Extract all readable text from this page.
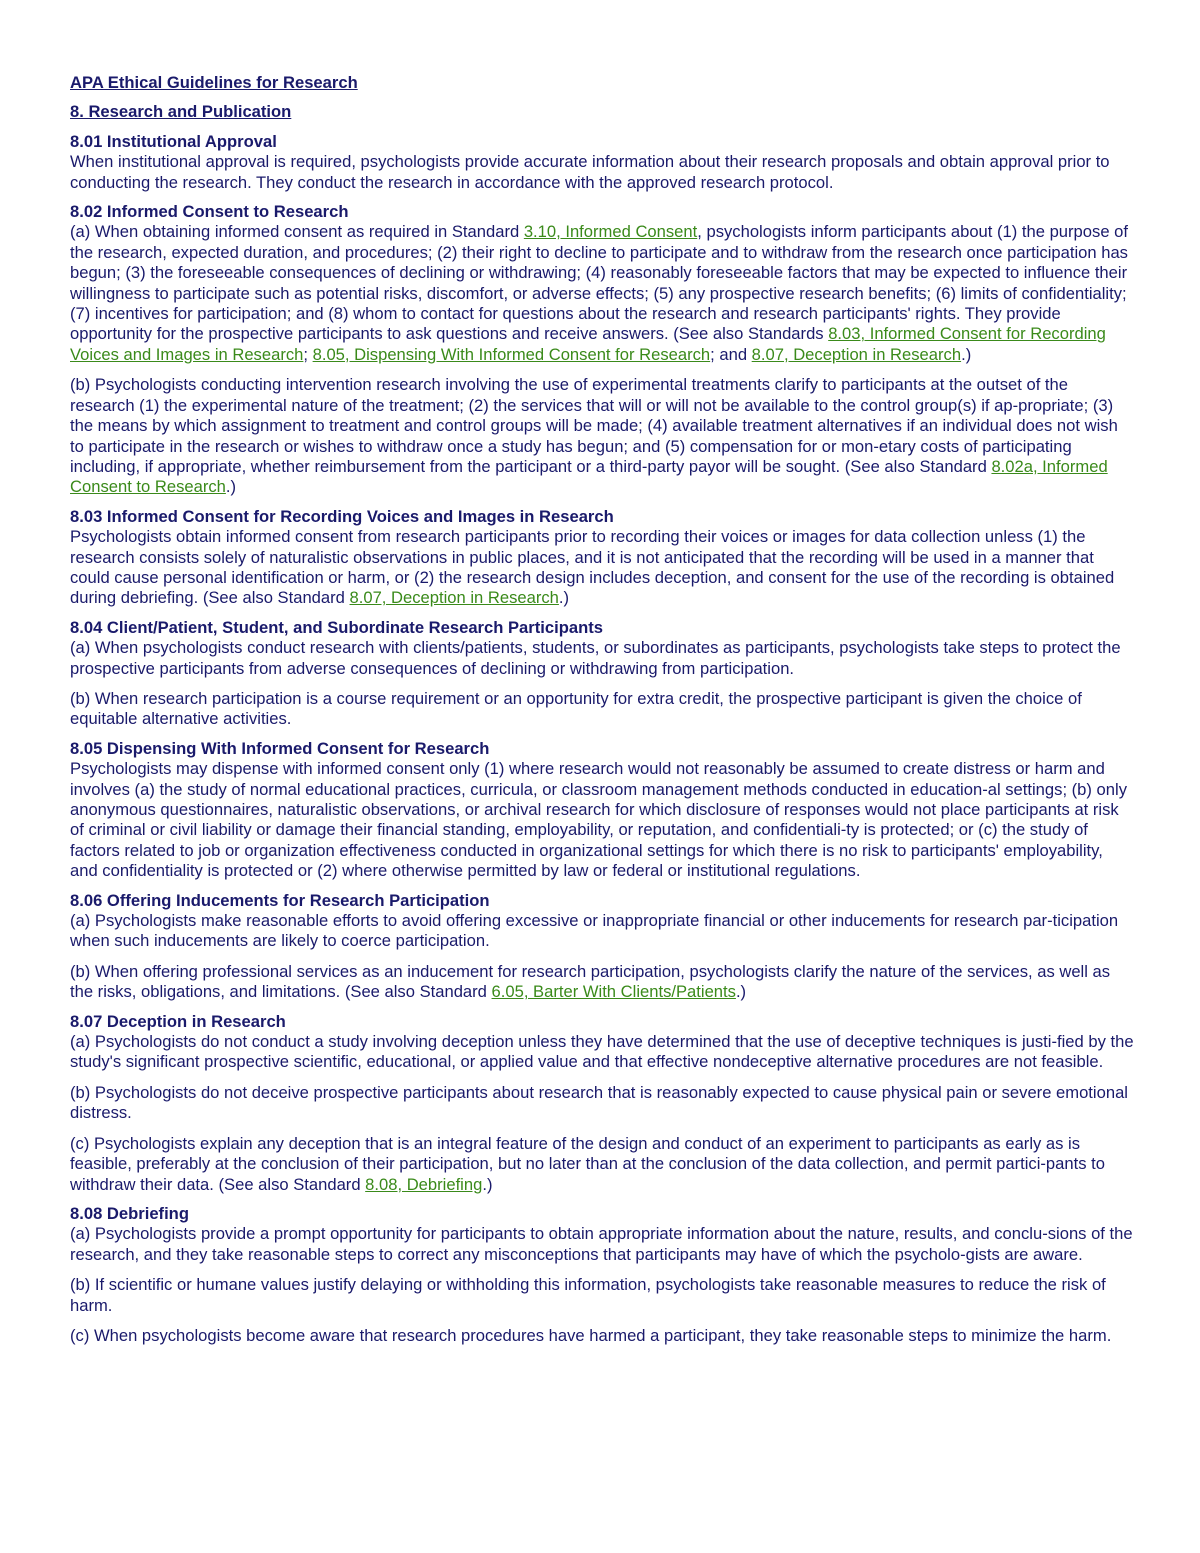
APA Ethical Guidelines for Research
8. Research and Publication
8.01 Institutional Approval
When institutional approval is required, psychologists provide accurate information about their research proposals and obtain approval prior to conducting the research. They conduct the research in accordance with the approved research protocol.
8.02 Informed Consent to Research
(a) When obtaining informed consent as required in Standard 3.10, Informed Consent, psychologists inform participants about (1) the purpose of the research, expected duration, and procedures; (2) their right to decline to participate and to withdraw from the research once participation has begun; (3) the foreseeable consequences of declining or withdrawing; (4) reasonably foreseeable factors that may be expected to influence their willingness to participate such as potential risks, discomfort, or adverse effects; (5) any prospective research benefits; (6) limits of confidentiality; (7) incentives for participation; and (8) whom to contact for questions about the research and research participants' rights. They provide opportunity for the prospective participants to ask questions and receive answers. (See also Standards 8.03, Informed Consent for Recording Voices and Images in Research; 8.05, Dispensing With Informed Consent for Research; and 8.07, Deception in Research.)
(b) Psychologists conducting intervention research involving the use of experimental treatments clarify to participants at the outset of the research (1) the experimental nature of the treatment; (2) the services that will or will not be available to the control group(s) if ap-propriate; (3) the means by which assignment to treatment and control groups will be made; (4) available treatment alternatives if an individual does not wish to participate in the research or wishes to withdraw once a study has begun; and (5) compensation for or mon-etary costs of participating including, if appropriate, whether reimbursement from the participant or a third-party payor will be sought. (See also Standard 8.02a, Informed Consent to Research.)
8.03 Informed Consent for Recording Voices and Images in Research
Psychologists obtain informed consent from research participants prior to recording their voices or images for data collection unless (1) the research consists solely of naturalistic observations in public places, and it is not anticipated that the recording will be used in a manner that could cause personal identification or harm, or (2) the research design includes deception, and consent for the use of the recording is obtained during debriefing. (See also Standard 8.07, Deception in Research.)
8.04 Client/Patient, Student, and Subordinate Research Participants
(a) When psychologists conduct research with clients/patients, students, or subordinates as participants, psychologists take steps to protect the prospective participants from adverse consequences of declining or withdrawing from participation.
(b) When research participation is a course requirement or an opportunity for extra credit, the prospective participant is given the choice of equitable alternative activities.
8.05 Dispensing With Informed Consent for Research
Psychologists may dispense with informed consent only (1) where research would not reasonably be assumed to create distress or harm and involves (a) the study of normal educational practices, curricula, or classroom management methods conducted in education-al settings; (b) only anonymous questionnaires, naturalistic observations, or archival research for which disclosure of responses would not place participants at risk of criminal or civil liability or damage their financial standing, employability, or reputation, and confidentiali-ty is protected; or (c) the study of factors related to job or organization effectiveness conducted in organizational settings for which there is no risk to participants' employability, and confidentiality is protected or (2) where otherwise permitted by law or federal or institutional regulations.
8.06 Offering Inducements for Research Participation
(a) Psychologists make reasonable efforts to avoid offering excessive or inappropriate financial or other inducements for research par-ticipation when such inducements are likely to coerce participation.
(b) When offering professional services as an inducement for research participation, psychologists clarify the nature of the services, as well as the risks, obligations, and limitations. (See also Standard 6.05, Barter With Clients/Patients.)
8.07 Deception in Research
(a) Psychologists do not conduct a study involving deception unless they have determined that the use of deceptive techniques is justi-fied by the study's significant prospective scientific, educational, or applied value and that effective nondeceptive alternative procedures are not feasible.
(b) Psychologists do not deceive prospective participants about research that is reasonably expected to cause physical pain or severe emotional distress.
(c) Psychologists explain any deception that is an integral feature of the design and conduct of an experiment to participants as early as is feasible, preferably at the conclusion of their participation, but no later than at the conclusion of the data collection, and permit partici-pants to withdraw their data. (See also Standard 8.08, Debriefing.)
8.08 Debriefing
(a) Psychologists provide a prompt opportunity for participants to obtain appropriate information about the nature, results, and conclu-sions of the research, and they take reasonable steps to correct any misconceptions that participants may have of which the psycholo-gists are aware.
(b) If scientific or humane values justify delaying or withholding this information, psychologists take reasonable measures to reduce the risk of harm.
(c) When psychologists become aware that research procedures have harmed a participant, they take reasonable steps to minimize the harm.
